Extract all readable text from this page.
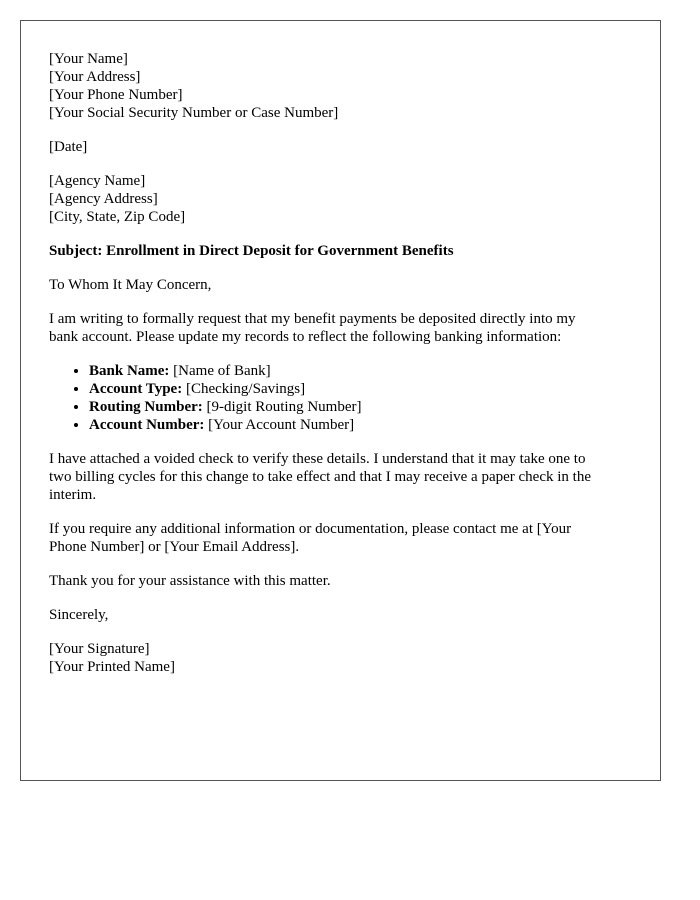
[Your Name]
[Your Address]
[Your Phone Number]
[Your Social Security Number or Case Number]
[Date]
[Agency Name]
[Agency Address]
[City, State, Zip Code]

Subject: Enrollment in Direct Deposit for Government Benefits

To Whom It May Concern,

I am writing to formally request that my benefit payments be deposited directly into my
bank account. Please update my records to reflect the following banking information:

• Bank Name: [Name of Bank]
• Account Type: [Checking/Savings]
• Routing Number: [9-digit Routing Number]
• Account Number: [Your Account Number]

I have attached a voided check to verify these details. I understand that it may take one to
two billing cycles for this change to take effect and that I may receive a paper check in the
interim.

If you require any additional information or documentation, please contact me at [Your
Phone Number] or [Your Email Address].

Thank you for your assistance with this matter.

Sincerely,

[Your Signature]
[Your Printed Name]
